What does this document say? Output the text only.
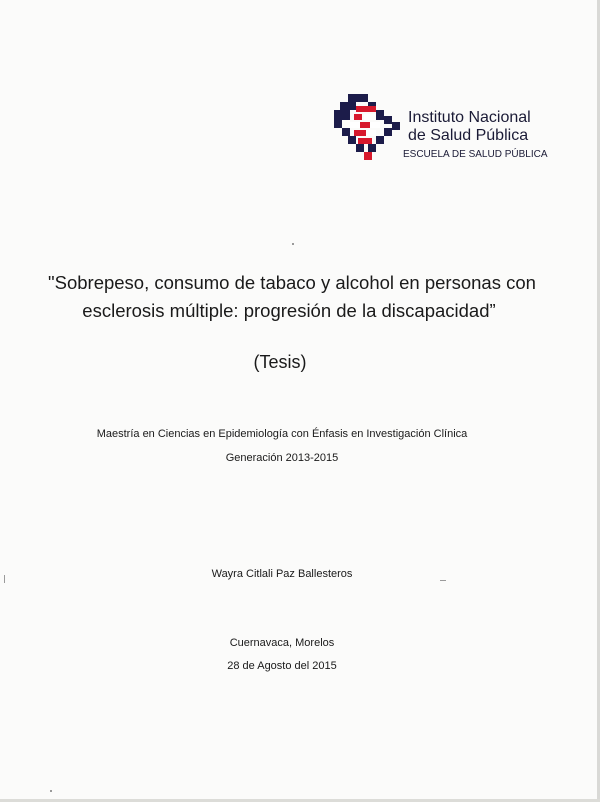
Instituto Nacional
de Salud Pública
ESCUELA DE SALUD PÚBLICA
"Sobrepeso, consumo de tabaco y alcohol en personas con
esclerosis múltiple: progresión de la discapacidad”
(Tesis)
Maestría en Ciencias en Epidemiología con Énfasis en Investigación Clínica
Generación 2013-2015
Wayra Citlali Paz Ballesteros
Cuernavaca, Morelos
28 de Agosto del 2015
